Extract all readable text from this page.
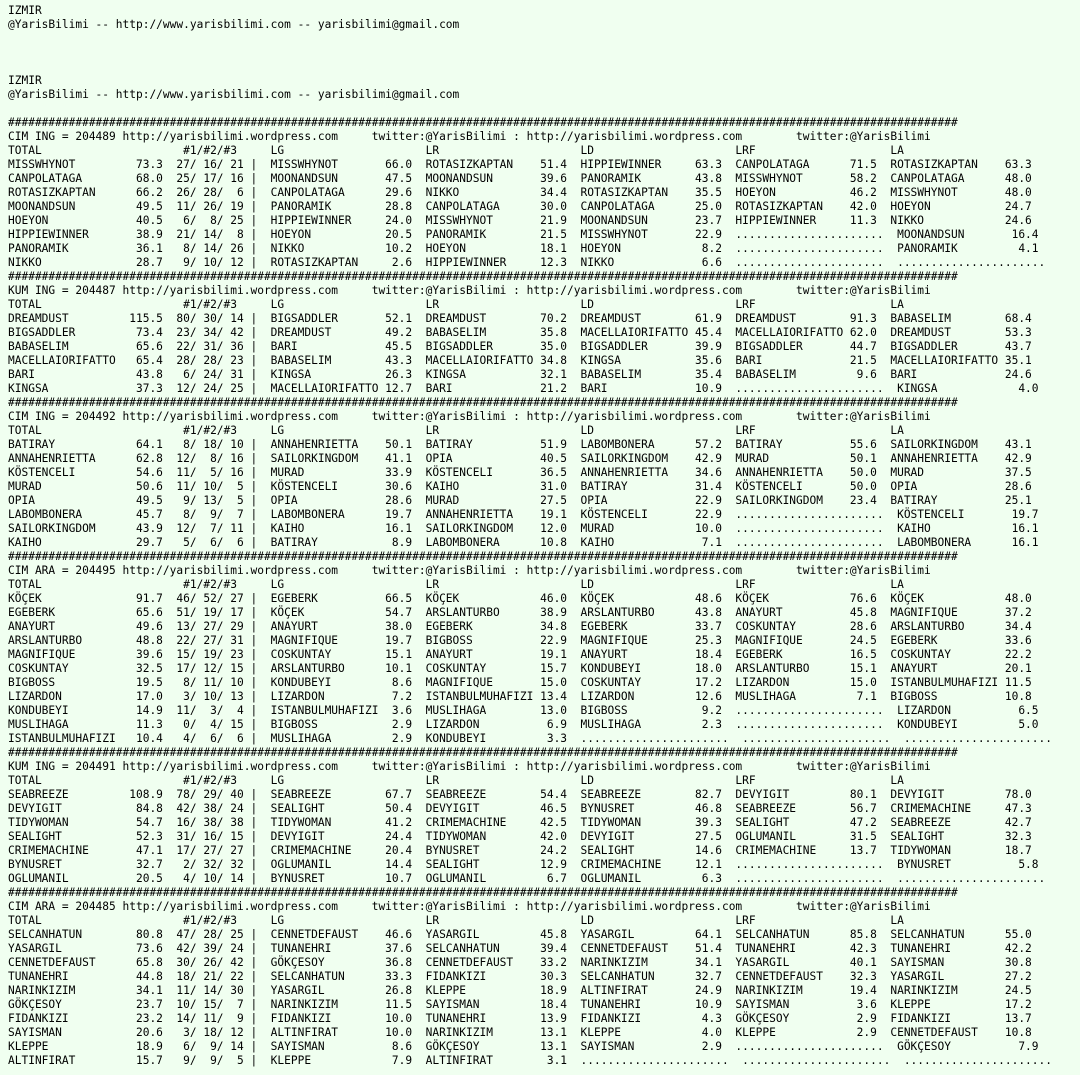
IZMIR
@YarisBilimi -- http://www.yarisbilimi.com -- yarisbilimi@gmail.com
IZMIR
@YarisBilimi -- http://www.yarisbilimi.com -- yarisbilimi@gmail.com
#############################################################################################################################################
CIM ING = 204489 http://yarisbilimi.wordpress.com     twitter:@YarisBilimi : http://yarisbilimi.wordpress.com        twitter:@YarisBilimi
TOTAL                     #1/#2/#3     LG                     LR                     LD                     LRF                    LA
MISSWHYNOT         73.3  27/ 16/ 21 |  MISSWHYNOT       66.0  ROTASIZKAPTAN    51.4  HIPPIEWINNER     63.3  CANPOLATAGA      71.5  ROTASIZKAPTAN    63.3
CANPOLATAGA        68.0  25/ 17/ 16 |  MOONANDSUN       47.5  MOONANDSUN       39.6  PANORAMIK        43.8  MISSWHYNOT       58.2  CANPOLATAGA      48.0
ROTASIZKAPTAN      66.2  26/ 28/  6 |  CANPOLATAGA      29.6  NIKKO            34.4  ROTASIZKAPTAN    35.5  HOEYON           46.2  MISSWHYNOT       48.0
MOONANDSUN         49.5  11/ 26/ 19 |  PANORAMIK        28.8  CANPOLATAGA      30.0  CANPOLATAGA      25.0  ROTASIZKAPTAN    42.0  HOEYON           24.7
HOEYON             40.5   6/  8/ 25 |  HIPPIEWINNER     24.0  MISSWHYNOT       21.9  MOONANDSUN       23.7  HIPPIEWINNER     11.3  NIKKO            24.6
HIPPIEWINNER       38.9  21/ 14/  8 |  HOEYON           20.5  PANORAMIK        21.5  MISSWHYNOT       22.9  ......................  MOONANDSUN       16.4
PANORAMIK          36.1   8/ 14/ 26 |  NIKKO            10.2  HOEYON           18.1  HOEYON            8.2  ......................  PANORAMIK         4.1
NIKKO              28.7   9/ 10/ 12 |  ROTASIZKAPTAN     2.6  HIPPIEWINNER     12.3  NIKKO             6.6  ......................  ......................
#############################################################################################################################################
KUM ING = 204487 http://yarisbilimi.wordpress.com     twitter:@YarisBilimi : http://yarisbilimi.wordpress.com        twitter:@YarisBilimi
TOTAL                     #1/#2/#3     LG                     LR                     LD                     LRF                    LA
DREAMDUST         115.5  80/ 30/ 14 |  BIGSADDLER       52.1  DREAMDUST        70.2  DREAMDUST        61.9  DREAMDUST        91.3  BABASELIM        68.4
BIGSADDLER         73.4  23/ 34/ 42 |  DREAMDUST        49.2  BABASELIM        35.8  MACELLAIORIFATTO 45.4  MACELLAIORIFATTO 62.0  DREAMDUST        53.3
BABASELIM          65.6  22/ 31/ 36 |  BARI             45.5  BIGSADDLER       35.0  BIGSADDLER       39.9  BIGSADDLER       44.7  BIGSADDLER       43.7
MACELLAIORIFATTO   65.4  28/ 28/ 23 |  BABASELIM        43.3  MACELLAIORIFATTO 34.8  KINGSA           35.6  BARI             21.5  MACELLAIORIFATTO 35.1
BARI               43.8   6/ 24/ 31 |  KINGSA           26.3  KINGSA           32.1  BABASELIM        35.4  BABASELIM         9.6  BARI             24.6
KINGSA             37.3  12/ 24/ 25 |  MACELLAIORIFATTO 12.7  BARI             21.2  BARI             10.9  ......................  KINGSA            4.0
#############################################################################################################################################
CIM ING = 204492 http://yarisbilimi.wordpress.com     twitter:@YarisBilimi : http://yarisbilimi.wordpress.com        twitter:@YarisBilimi
TOTAL                     #1/#2/#3     LG                     LR                     LD                     LRF                    LA
BATIRAY            64.1   8/ 18/ 10 |  ANNAHENRIETTA    50.1  BATIRAY          51.9  LABOMBONERA      57.2  BATIRAY          55.6  SAILORKINGDOM    43.1
ANNAHENRIETTA      62.8  12/  8/ 16 |  SAILORKINGDOM    41.1  OPIA             40.5  SAILORKINGDOM    42.9  MURAD            50.1  ANNAHENRIETTA    42.9
KÖSTENCELI         54.6  11/  5/ 16 |  MURAD            33.9  KÖSTENCELI       36.5  ANNAHENRIETTA    34.6  ANNAHENRIETTA    50.0  MURAD            37.5
MURAD              50.6  11/ 10/  5 |  KÖSTENCELI       30.6  KAIHO            31.0  BATIRAY          31.4  KÖSTENCELI       50.0  OPIA             28.6
OPIA               49.5   9/ 13/  5 |  OPIA             28.6  MURAD            27.5  OPIA             22.9  SAILORKINGDOM    23.4  BATIRAY          25.1
LABOMBONERA        45.7   8/  9/  7 |  LABOMBONERA      19.7  ANNAHENRIETTA    19.1  KÖSTENCELI       22.9  ......................  KÖSTENCELI       19.7
SAILORKINGDOM      43.9  12/  7/ 11 |  KAIHO            16.1  SAILORKINGDOM    12.0  MURAD            10.0  ......................  KAIHO            16.1
KAIHO              29.7   5/  6/  6 |  BATIRAY           8.9  LABOMBONERA      10.8  KAIHO             7.1  ......................  LABOMBONERA      16.1
#############################################################################################################################################
CIM ARA = 204495 http://yarisbilimi.wordpress.com     twitter:@YarisBilimi : http://yarisbilimi.wordpress.com        twitter:@YarisBilimi
TOTAL                     #1/#2/#3     LG                     LR                     LD                     LRF                    LA
KÖÇEK              91.7  46/ 52/ 27 |  EGEBERK          66.5  KÖÇEK            46.0  KÖÇEK            48.6  KÖÇEK            76.6  KÖÇEK            48.0
EGEBERK            65.6  51/ 19/ 17 |  KÖÇEK            54.7  ARSLANTURBO      38.9  ARSLANTURBO      43.8  ANAYURT          45.8  MAGNIFIQUE       37.2
ANAYURT            49.6  13/ 27/ 29 |  ANAYURT          38.0  EGEBERK          34.8  EGEBERK          33.7  COSKUNTAY        28.6  ARSLANTURBO      34.4
ARSLANTURBO        48.8  22/ 27/ 31 |  MAGNIFIQUE       19.7  BIGBOSS          22.9  MAGNIFIQUE       25.3  MAGNIFIQUE       24.5  EGEBERK          33.6
MAGNIFIQUE         39.6  15/ 19/ 23 |  COSKUNTAY        15.1  ANAYURT          19.1  ANAYURT          18.4  EGEBERK          16.5  COSKUNTAY        22.2
COSKUNTAY          32.5  17/ 12/ 15 |  ARSLANTURBO      10.1  COSKUNTAY        15.7  KONDUBEYI        18.0  ARSLANTURBO      15.1  ANAYURT          20.1
BIGBOSS            19.5   8/ 11/ 10 |  KONDUBEYI         8.6  MAGNIFIQUE       15.0  COSKUNTAY        17.2  LIZARDON         15.0  ISTANBULMUHAFIZI 11.5
LIZARDON           17.0   3/ 10/ 13 |  LIZARDON          7.2  ISTANBULMUHAFIZI 13.4  LIZARDON         12.6  MUSLIHAGA         7.1  BIGBOSS          10.8
KONDUBEYI          14.9  11/  3/  4 |  ISTANBULMUHAFIZI  3.6  MUSLIHAGA        13.0  BIGBOSS           9.2  ......................  LIZARDON          6.5
MUSLIHAGA          11.3   0/  4/ 15 |  BIGBOSS           2.9  LIZARDON          6.9  MUSLIHAGA         2.3  ......................  KONDUBEYI         5.0
ISTANBULMUHAFIZI   10.4   4/  6/  6 |  MUSLIHAGA         2.9  KONDUBEYI         3.3  ......................  ......................  ......................
#############################################################################################################################################
KUM ING = 204491 http://yarisbilimi.wordpress.com     twitter:@YarisBilimi : http://yarisbilimi.wordpress.com        twitter:@YarisBilimi
TOTAL                     #1/#2/#3     LG                     LR                     LD                     LRF                    LA
SEABREEZE         108.9  78/ 29/ 40 |  SEABREEZE        67.7  SEABREEZE        54.4  SEABREEZE        82.7  DEVYIGIT         80.1  DEVYIGIT         78.0
DEVYIGIT           84.8  42/ 38/ 24 |  SEALIGHT         50.4  DEVYIGIT         46.5  BYNUSRET         46.8  SEABREEZE        56.7  CRIMEMACHINE     47.3
TIDYWOMAN          54.7  16/ 38/ 38 |  TIDYWOMAN        41.2  CRIMEMACHINE     42.5  TIDYWOMAN        39.3  SEALIGHT         47.2  SEABREEZE        42.7
SEALIGHT           52.3  31/ 16/ 15 |  DEVYIGIT         24.4  TIDYWOMAN        42.0  DEVYIGIT         27.5  OGLUMANIL        31.5  SEALIGHT         32.3
CRIMEMACHINE       47.1  17/ 27/ 27 |  CRIMEMACHINE     20.4  BYNUSRET         24.2  SEALIGHT         14.6  CRIMEMACHINE     13.7  TIDYWOMAN        18.7
BYNUSRET           32.7   2/ 32/ 32 |  OGLUMANIL        14.4  SEALIGHT         12.9  CRIMEMACHINE     12.1  ......................  BYNUSRET          5.8
OGLUMANIL          20.5   4/ 10/ 14 |  BYNUSRET         10.7  OGLUMANIL         6.7  OGLUMANIL         6.3  ......................  ......................
#############################################################################################################################################
CIM ARA = 204485 http://yarisbilimi.wordpress.com     twitter:@YarisBilimi : http://yarisbilimi.wordpress.com        twitter:@YarisBilimi
TOTAL                     #1/#2/#3     LG                     LR                     LD                     LRF                    LA
SELCANHATUN        80.8  47/ 28/ 25 |  CENNETDEFAUST    46.6  YASARGIL         45.8  YASARGIL         64.1  SELCANHATUN      85.8  SELCANHATUN      55.0
YASARGIL           73.6  42/ 39/ 24 |  TUNANEHRI        37.6  SELCANHATUN      39.4  CENNETDEFAUST    51.4  TUNANEHRI        42.3  TUNANEHRI        42.2
CENNETDEFAUST      65.8  30/ 26/ 42 |  GÖKÇESOY         36.8  CENNETDEFAUST    33.2  NARINKIZIM       34.1  YASARGIL         40.1  SAYISMAN         30.8
TUNANEHRI          44.8  18/ 21/ 22 |  SELCANHATUN      33.3  FIDANKIZI        30.3  SELCANHATUN      32.7  CENNETDEFAUST    32.3  YASARGIL         27.2
NARINKIZIM         34.1  11/ 14/ 30 |  YASARGIL         26.8  KLEPPE           18.9  ALTINFIRAT       24.9  NARINKIZIM       19.4  NARINKIZIM       24.5
GÖKÇESOY           23.7  10/ 15/  7 |  NARINKIZIM       11.5  SAYISMAN         18.4  TUNANEHRI        10.9  SAYISMAN          3.6  KLEPPE           17.2
FIDANKIZI          23.2  14/ 11/  9 |  FIDANKIZI        10.0  TUNANEHRI        13.9  FIDANKIZI         4.3  GÖKÇESOY          2.9  FIDANKIZI        13.7
SAYISMAN           20.6   3/ 18/ 12 |  ALTINFIRAT       10.0  NARINKIZIM       13.1  KLEPPE            4.0  KLEPPE            2.9  CENNETDEFAUST    10.8
KLEPPE             18.9   6/  9/ 14 |  SAYISMAN          8.6  GÖKÇESOY         13.1  SAYISMAN          2.9  ......................  GÖKÇESOY          7.9
ALTINFIRAT         15.7   9/  9/  5 |  KLEPPE            7.9  ALTINFIRAT        3.1  ......................  ......................  ......................
